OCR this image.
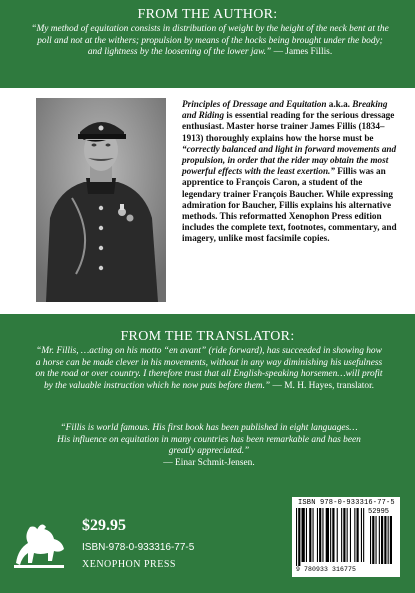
FROM THE AUTHOR:
“My method of equitation consists in distribution of weight by the height of the neck bent at the poll and not at the withers; propulsion by means of the hocks being brought under the body; and lightness by the loosening of the lower jaw.” — James Fillis.
Principles of Dressage and Equitation a.k.a. Breaking and Riding is essential reading for the serious dressage enthusiast. Master horse trainer James Fillis (1834–1913) thoroughly explains how the horse must be “correctly balanced and light in forward movements and propulsion, in order that the rider may obtain the most powerful effects with the least exertion.” Fillis was an apprentice to François Caron, a student of the legendary trainer François Baucher. While expressing admiration for Baucher, Fillis explains his alternative methods. This reformatted Xenophon Press edition includes the complete text, footnotes, commentary, and imagery, unlike most facsimile copies.
FROM THE TRANSLATOR:
“Mr. Fillis, …acting on his motto “en avant” (ride forward), has succeeded in showing how a horse can be made clever in his movements, without in any way diminishing his usefulness on the road or over country. I therefore trust that all English-speaking horsemen…will profit by the valuable instruction which he now puts before them.” — M. H. Hayes, translator.
“Fillis is world famous. His first book has been published in eight languages… His influence on equitation in many countries has been remarkable and has been greatly appreciated.”
— Einar Schmit-Jensen.
$29.95
ISBN-978-0-933316-77-5
XENOPHON PRESS
ISBN 978-0-933316-77-5
52995
9 780933 316775
